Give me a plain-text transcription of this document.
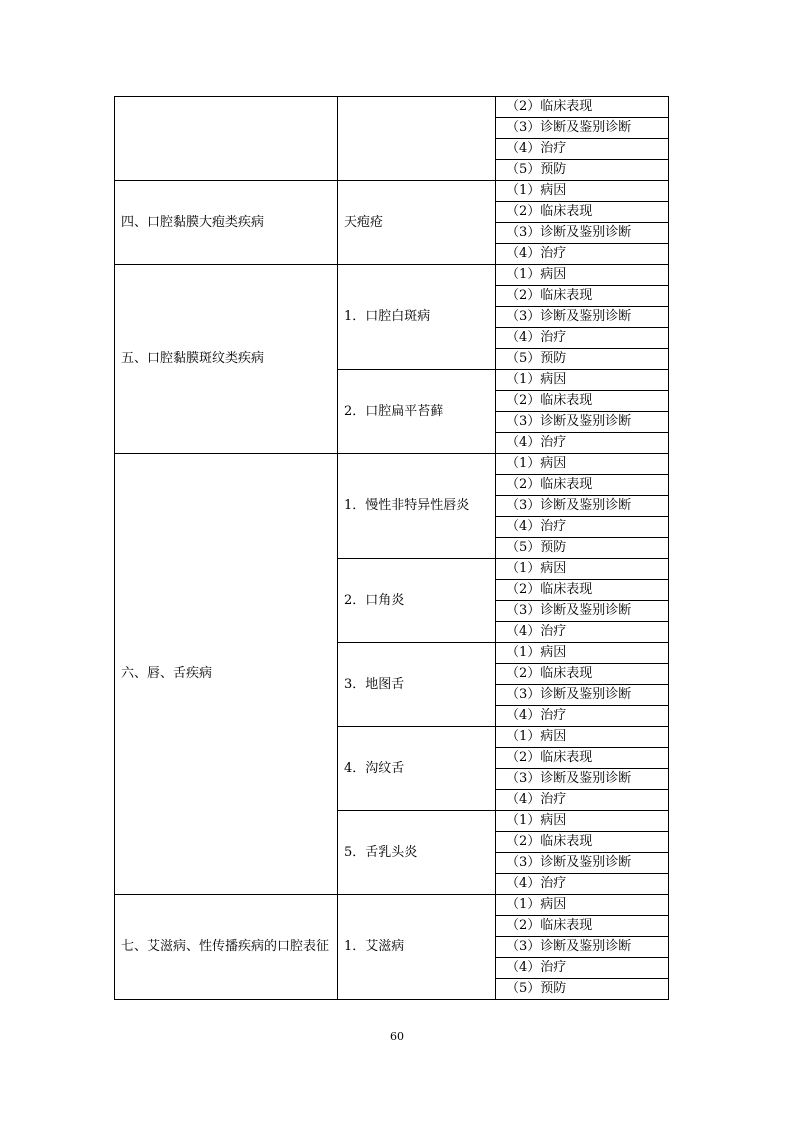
		（2）临床表现
		（3）诊断及鉴别诊断
		（4）治疗
		（5）预防
四、口腔黏膜大疱类疾病	天疱疮	（1）病因
		（2）临床表现
		（3）诊断及鉴别诊断
		（4）治疗
五、口腔黏膜斑纹类疾病	1．口腔白斑病	（1）病因
		（2）临床表现
		（3）诊断及鉴别诊断
		（4）治疗
		（5）预防
	2．口腔扁平苔藓	（1）病因
		（2）临床表现
		（3）诊断及鉴别诊断
		（4）治疗
六、唇、舌疾病	1．慢性非特异性唇炎	（1）病因
		（2）临床表现
		（3）诊断及鉴别诊断
		（4）治疗
		（5）预防
	2．口角炎	（1）病因
		（2）临床表现
		（3）诊断及鉴别诊断
		（4）治疗
	3．地图舌	（1）病因
		（2）临床表现
		（3）诊断及鉴别诊断
		（4）治疗
	4．沟纹舌	（1）病因
		（2）临床表现
		（3）诊断及鉴别诊断
		（4）治疗
	5．舌乳头炎	（1）病因
		（2）临床表现
		（3）诊断及鉴别诊断
		（4）治疗
七、艾滋病、性传播疾病的口腔表征	1．艾滋病	（1）病因
		（2）临床表现
		（3）诊断及鉴别诊断
		（4）治疗
		（5）预防
60
